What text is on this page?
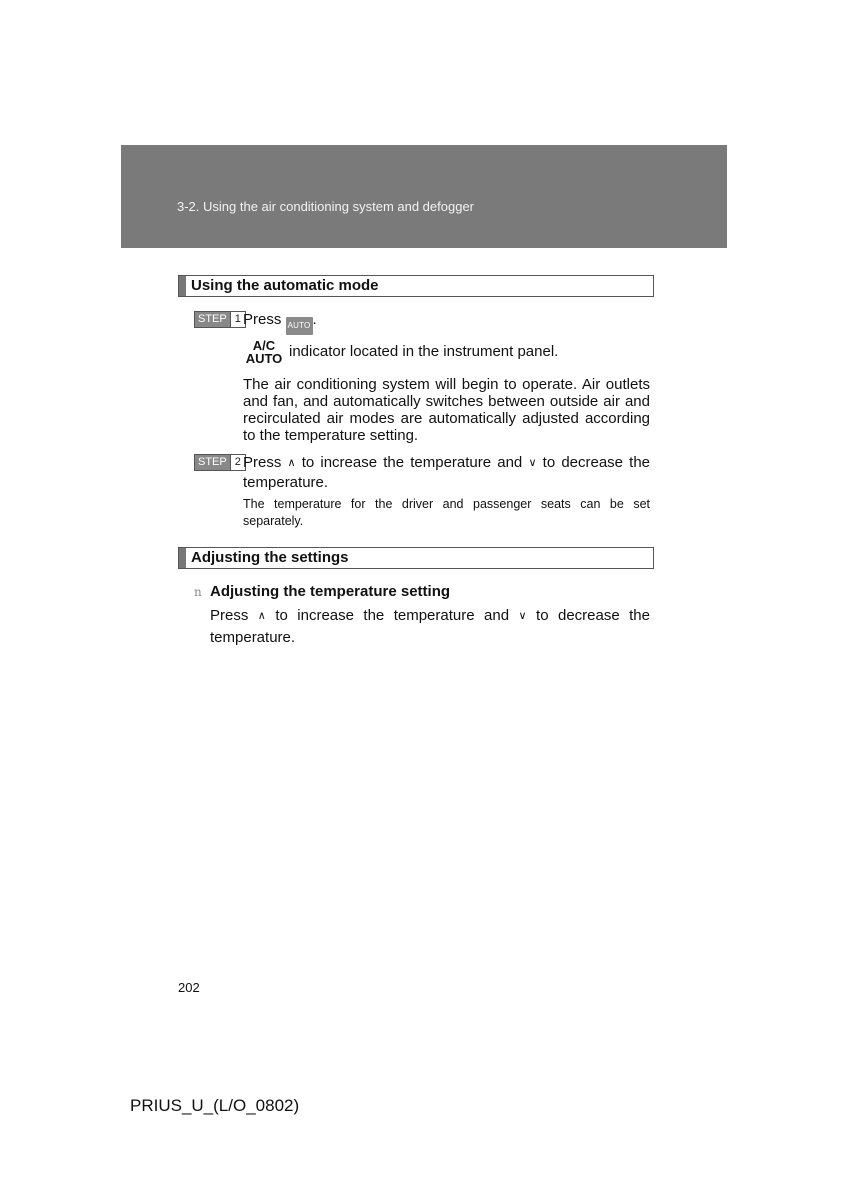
3-2. Using the air conditioning system and defogger
Using the automatic mode
STEP 1 Press AUTO .
A/C
AUTO indicator located in the instrument panel.
The air conditioning system will begin to operate. Air outlets and fan, and automatically switches between outside air and recirculated air modes are automatically adjusted according to the temperature setting.
STEP 2 Press ∧ to increase the temperature and ∨ to decrease the temperature.
The temperature for the driver and passenger seats can be set separately.
Adjusting the settings
n Adjusting the temperature setting
Press ∧ to increase the temperature and ∨ to decrease the temperature.
202
PRIUS_U_(L/O_0802)
